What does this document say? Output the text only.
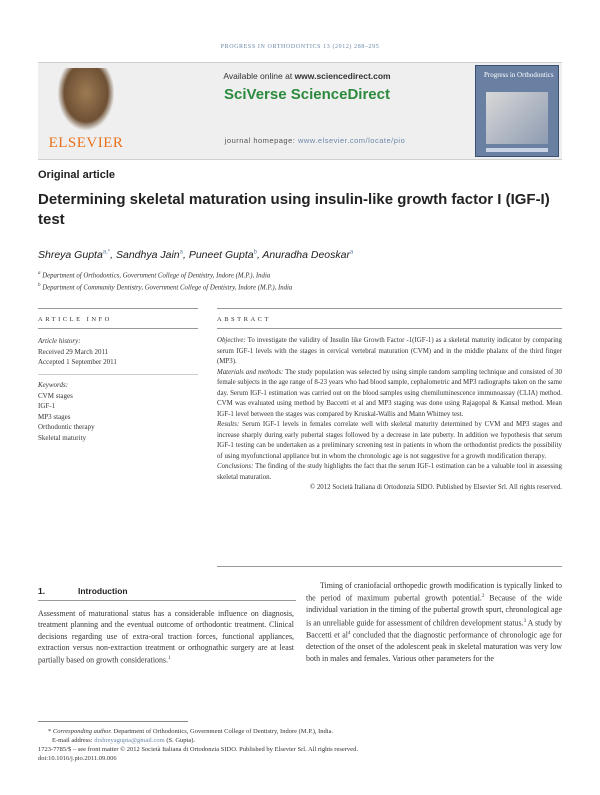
PROGRESS IN ORTHODONTICS 13 (2012) 288–295
ELSEVIER
Available online at www.sciencedirect.com
SciVerse ScienceDirect
journal homepage: www.elsevier.com/locate/pio
Progress in Orthodontics
Original article
Determining skeletal maturation using insulin-like growth factor I (IGF-I) test
Shreya Gupta$^{a,*}$, Sandhya Jain$^a$, Puneet Gupta$^b$, Anuradha Deoskar$^a$
$^a$ Department of Orthodontics, Government College of Dentistry, Indore (M.P.), India
$^b$ Department of Community Dentistry, Government College of Dentistry, Indore (M.P.), India
ARTICLE INFO	ABSTRACT
Article history:
Received 29 March 2011
Accepted 1 September 2011
Keywords:
CVM stages
IGF-1
MP3 stages
Orthodontic therapy
Skeletal maturity

Objective: To investigate the validity of Insulin like Growth Factor -1(IGF-1) as a skeletal maturity indicator by comparing serum IGF-1 levels with the stages in cervical vertebral maturation (CVM) and in the middle phalanx of the third finger (MP3).

Materials and methods: The study population was selected by using simple random sampling technique and consisted of 30 female subjects in the age range of 8-23 years who had blood sample, cephalometric and MP3 radiographs taken on the same day. Serum IGF-1 estimation was carried out on the blood samples using chemiluminescence immunoassay (CLIA) method. CVM was evaluated using method by Baccetti et al and MP3 staging was done using Rajagopal & Kansal method. Mean IGF-1 level between the stages was compared by Kruskal-Wallis and Mann Whitney test.

Results: Serum IGF-1 levels in females correlate well with skeletal maturity determined by CVM and MP3 stages and increase sharply during early pubertal stages followed by a decrease in late puberty. In addition we hypothesis that serum IGF-1 testing can be undertaken as a preliminary screening test in patients in whom the orthodontist predicts the possibility of using myofunctional appliance but in whom the chronologic age is not suggestive for a growth modification therapy.

Conclusions: The finding of the study highlights the fact that the serum IGF-1 estimation can be a valuable tool in assessing skeletal maturation.

© 2012 Società Italiana di Ortodonzia SIDO. Published by Elsevier Srl. All rights reserved.

1.	Introduction

Assessment of maturational status has a considerable influence on diagnosis, treatment planning and the eventual outcome of orthodontic treatment. Clinical decisions regarding use of extra-oral traction forces, functional appliances, extraction versus non-extraction treatment or orthognathic surgery are at least partially based on growth considerations.$^1$

Timing of craniofacial orthopedic growth modification is typically linked to the period of maximum pubertal growth potential.$^2$ Because of the wide individual variation in the timing of the pubertal growth spurt, chronological age is an unreliable guide for assessment of children development status.$^3$ A study by Baccetti et al$^4$ concluded that the diagnostic performance of chronologic age for detection of the onset of the adolescent peak in skeletal maturation was very low both in males and females. Various other parameters for the

* Corresponding author. Department of Orthodontics, Government College of Dentistry, Indore (M.P.), India.
E-mail address: drshreyagupta@gmail.com (S. Gupta).
1723-7785/$ – see front matter © 2012 Società Italiana di Ortodonzia SIDO. Published by Elsevier Srl. All rights reserved.
doi:10.1016/j.pio.2011.09.006
